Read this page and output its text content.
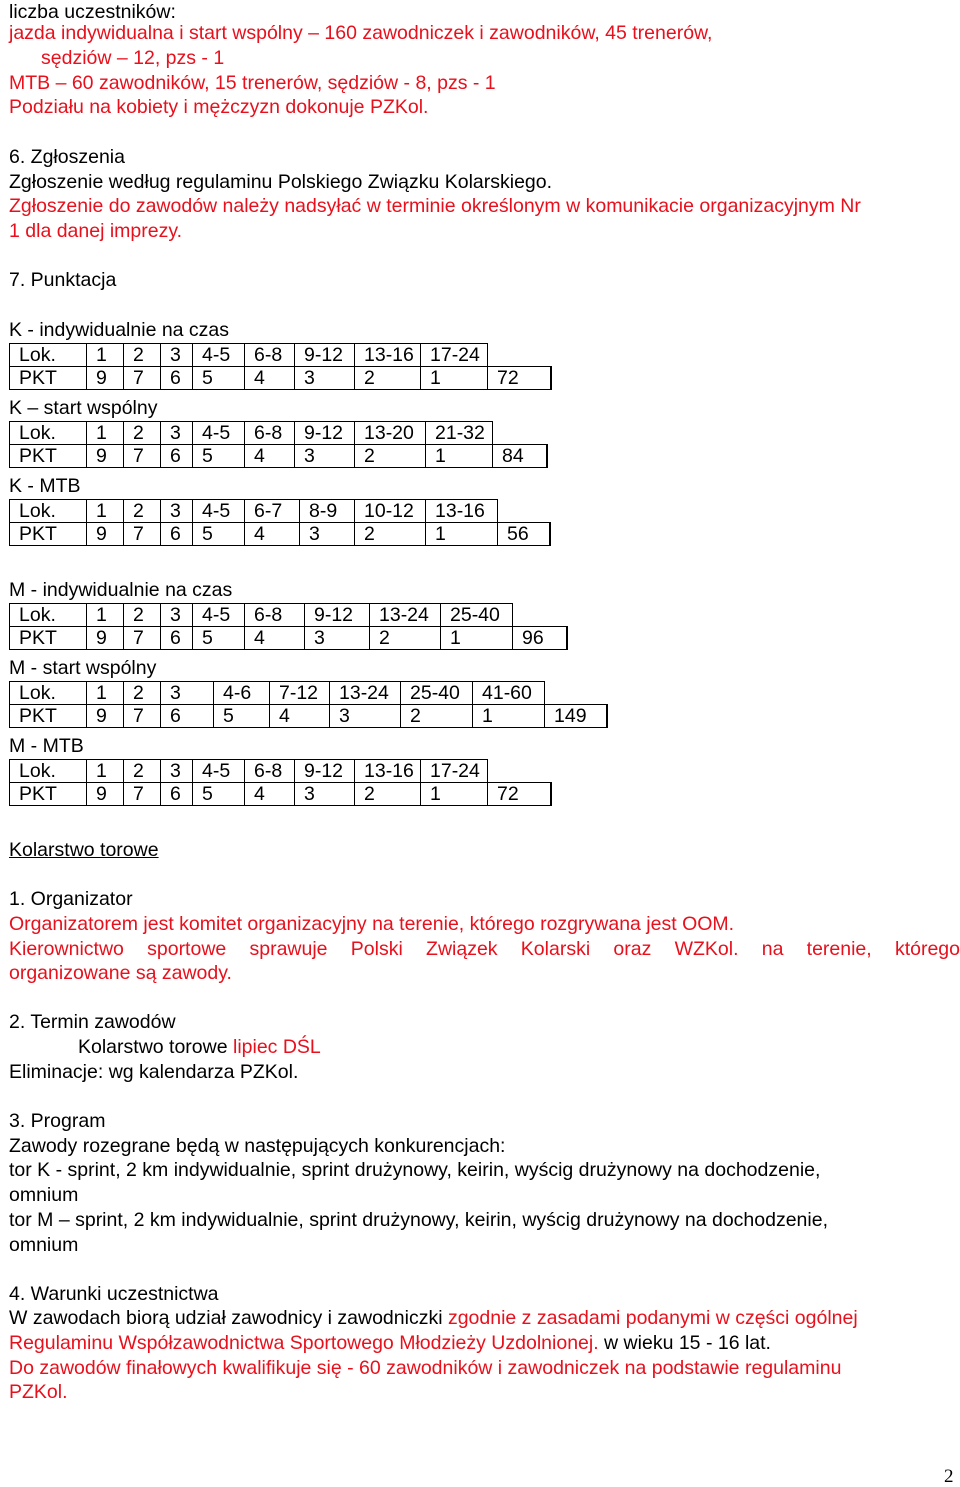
liczba uczestników:
jazda indywidualna i start wspólny – 160 zawodniczek i zawodników, 45 trenerów,
sędziów – 12, pzs - 1
MTB – 60 zawodników, 15 trenerów, sędziów - 8, pzs - 1
Podziału na kobiety i mężczyzn dokonuje PZKol.
6. Zgłoszenia
Zgłoszenie według regulaminu Polskiego Związku Kolarskiego.
Zgłoszenie do zawodów należy nadsyłać w terminie określonym w komunikacie organizacyjnym Nr
1 dla danej imprezy.
7. Punktacja
K - indywidualnie na czas
Lok.	1	2	3	4-5	6-8	9-12	13-16	17-24	
PKT	9	7	6	5	4	3	2	1	72
K – start wspólny
Lok.	1	2	3	4-5	6-8	9-12	13-20	21-32	
PKT	9	7	6	5	4	3	2	1	84
K - MTB
Lok.	1	2	3	4-5	6-7	8-9	10-12	13-16	
PKT	9	7	6	5	4	3	2	1	56
M - indywidualnie na czas
Lok.	1	2	3	4-5	6-8	9-12	13-24	25-40	
PKT	9	7	6	5	4	3	2	1	96
M - start wspólny
Lok.	1	2	3	4-6	7-12	13-24	25-40	41-60	
PKT	9	7	6	5	4	3	2	1	149
M - MTB
Lok.	1	2	3	4-5	6-8	9-12	13-16	17-24	
PKT	9	7	6	5	4	3	2	1	72
Kolarstwo torowe
1. Organizator
Organizatorem jest komitet organizacyjny na terenie, którego rozgrywana jest OOM.
Kierownictwo sportowe sprawuje Polski Związek Kolarski oraz WZKol. na terenie, którego
organizowane są zawody.
2. Termin zawodów
Kolarstwo torowe lipiec DŚL
Eliminacje: wg kalendarza PZKol.
3. Program
Zawody rozegrane będą w następujących konkurencjach:
tor K - sprint, 2 km indywidualnie, sprint drużynowy, keirin, wyścig drużynowy na dochodzenie,
omnium
tor M – sprint, 2 km indywidualnie, sprint drużynowy, keirin, wyścig drużynowy na dochodzenie,
omnium
4. Warunki uczestnictwa
W zawodach biorą udział zawodnicy i zawodniczki zgodnie z zasadami podanymi w części ogólnej
Regulaminu Współzawodnictwa Sportowego Młodzieży Uzdolnionej. w wieku 15 - 16 lat.
Do zawodów finałowych kwalifikuje się - 60 zawodników i zawodniczek na podstawie regulaminu
PZKol.
2
